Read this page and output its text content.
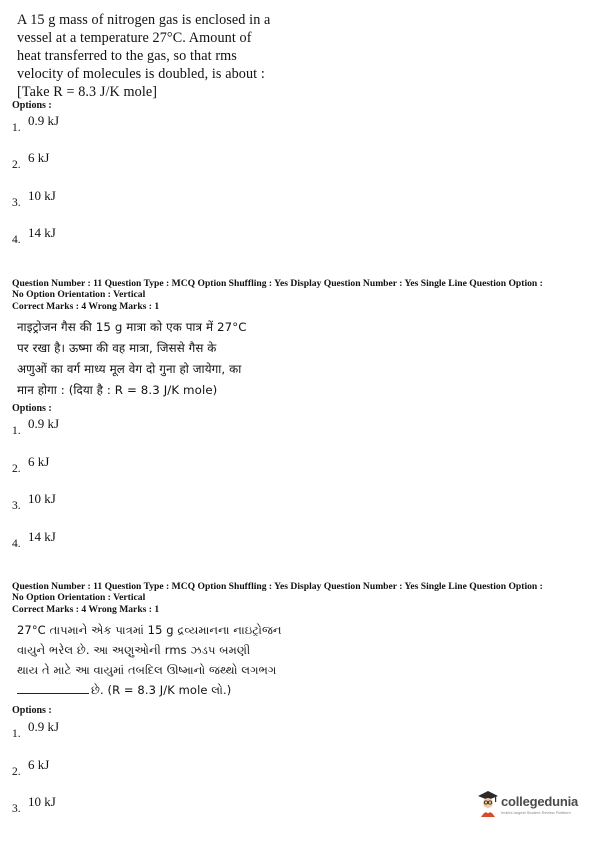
A 15 g mass of nitrogen gas is enclosed in a
vessel at a temperature 27°C. Amount of
heat transferred to the gas, so that rms
velocity of molecules is doubled, is about :
[Take R = 8.3 J/K mole]
Options :
1. 0.9 kJ
2. 6 kJ
3. 10 kJ
4. 14 kJ
Question Number : 11 Question Type : MCQ Option Shuffling : Yes Display Question Number : Yes Single Line Question Option :
No Option Orientation : Vertical
Correct Marks : 4 Wrong Marks : 1
नाइट्रोजन गैस की 15 g मात्रा को एक पात्र में 27°C
पर रखा है। ऊष्मा की वह मात्रा, जिससे गैस के
अणुओं का वर्ग माध्य मूल वेग दो गुना हो जायेगा, का
मान होगा : (दिया है : R = 8.3 J/K mole)
Options :
1. 0.9 kJ
2. 6 kJ
3. 10 kJ
4. 14 kJ
Question Number : 11 Question Type : MCQ Option Shuffling : Yes Display Question Number : Yes Single Line Question Option :
No Option Orientation : Vertical
Correct Marks : 4 Wrong Marks : 1
27°C તાપમાને એક પાત્રમાં 15 g દ્રવ્યમાનના નાઇટ્રોજન
વાયુને ભરેલ છે. આ અણુઓની rms ઝડપ બમણી
થાય તે માટે આ વાયુમાં તબદિલ ઊષ્માનો જથ્થો લગભગ
છે. (R = 8.3 J/K mole લો.)
Options :
1. 0.9 kJ
2. 6 kJ
3. 10 kJ	collegedunia
India's largest Student Review Platform
